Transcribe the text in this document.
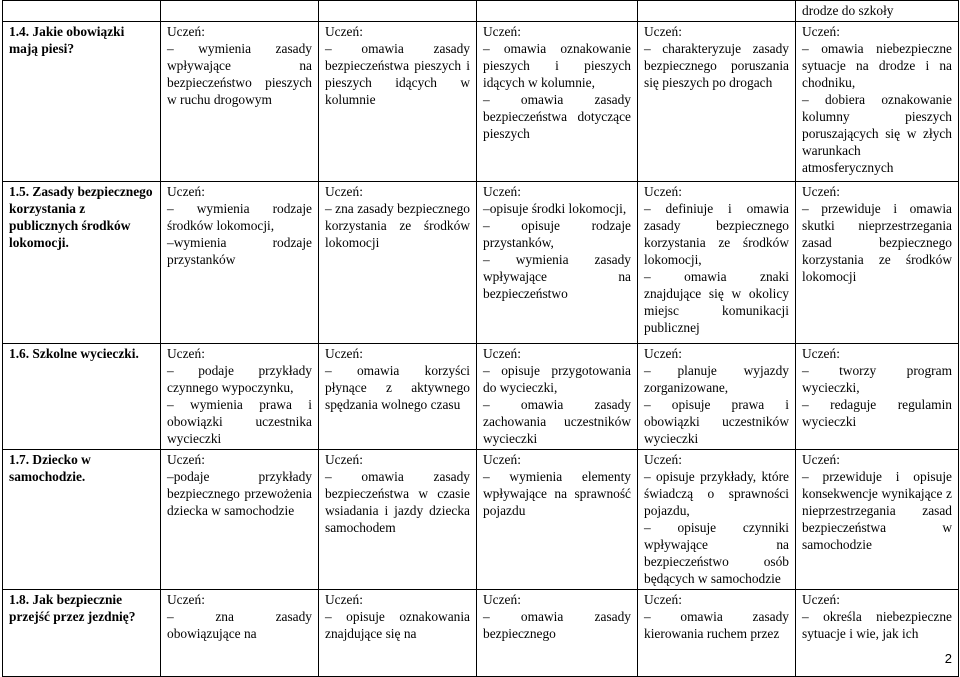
					drodze do szkoły

1.4. Jakie obowiązki mają piesi?	Uczeń:
– wymienia zasady wpływające na bezpieczeństwo pieszych w ruchu drogowym	Uczeń:
– omawia zasady bezpieczeństwa pieszych i pieszych idących w kolumnie	Uczeń:
– omawia oznakowanie pieszych i pieszych idących w kolumnie,
– omawia zasady bezpieczeństwa dotyczące pieszych	Uczeń:
– charakteryzuje zasady bezpiecznego poruszania się pieszych po drogach	Uczeń:
– omawia niebezpieczne sytuacje na drodze i na chodniku,
– dobiera oznakowanie kolumny pieszych poruszających się w złych warunkach atmosferycznych

1.5. Zasady bezpiecznego korzystania z publicznych środków lokomocji.	Uczeń:
– wymienia rodzaje środków lokomocji,
–wymienia rodzaje przystanków	Uczeń:
– zna zasady bezpiecznego korzystania ze środków lokomocji	Uczeń:
–opisuje środki lokomocji,
– opisuje rodzaje przystanków,
– wymienia zasady wpływające na bezpieczeństwo	Uczeń:
– definiuje i omawia zasady bezpiecznego korzystania ze środków lokomocji,
– omawia znaki znajdujące się w okolicy miejsc komunikacji publicznej	Uczeń:
– przewiduje i omawia skutki nieprzestrzegania zasad bezpiecznego korzystania ze środków lokomocji

1.6. Szkolne wycieczki.	Uczeń:
– podaje przykłady czynnego wypoczynku,
– wymienia prawa i obowiązki uczestnika wycieczki	Uczeń:
– omawia korzyści płynące z aktywnego spędzania wolnego czasu	Uczeń:
– opisuje przygotowania do wycieczki,
– omawia zasady zachowania uczestników wycieczki	Uczeń:
– planuje wyjazdy zorganizowane,
– opisuje prawa i obowiązki uczestników wycieczki	Uczeń:
– tworzy program wycieczki,
– redaguje regulamin wycieczki

1.7. Dziecko w samochodzie.	Uczeń:
–podaje przykłady bezpiecznego przewożenia dziecka w samochodzie	Uczeń:
– omawia zasady bezpieczeństwa w czasie wsiadania i jazdy dziecka samochodem	Uczeń:
– wymienia elementy wpływające na sprawność pojazdu	Uczeń:
– opisuje przykłady, które świadczą o sprawności pojazdu,
– opisuje czynniki wpływające na bezpieczeństwo osób będących w samochodzie	Uczeń:
– przewiduje i opisuje konsekwencje wynikające z nieprzestrzegania zasad bezpieczeństwa w samochodzie

1.8. Jak bezpiecznie przejść przez jezdnię?	Uczeń:
– zna zasady obowiązujące na	Uczeń:
– opisuje oznakowania znajdujące się na	Uczeń:
– omawia zasady bezpiecznego	Uczeń:
– omawia zasady kierowania ruchem przez	Uczeń:
– określa niebezpieczne sytuacje i wie, jak ich
2
